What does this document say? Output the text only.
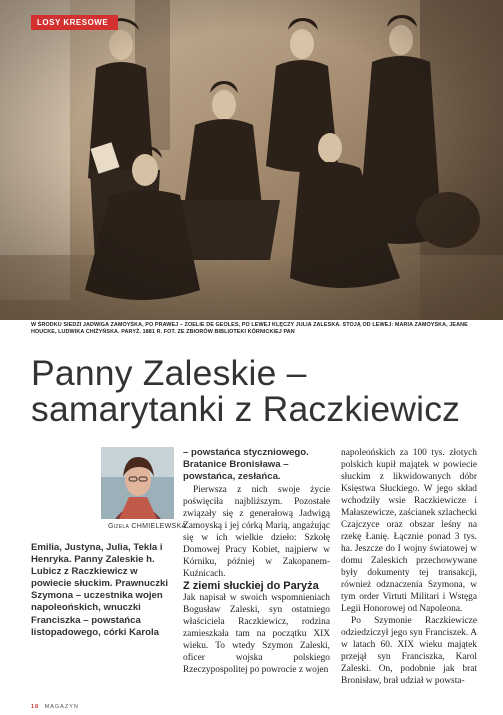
LOSY KRESOWE
W ŚRODKU SIEDZI JADWIGA ZAMOYSKA, PO PRAWEJ – ZOELIE DE GEOLES, PO LEWEJ KLĘCZY JULIA ZALESKA. STOJĄ OD LEWEJ: MARIA ZAMOYSKA, JEANE HOUCKE, LUDWIKA CHIŻYŃSKA. PARYŻ. 1881 R. FOT. ZE ZBIORÓW BIBLIOTEKI KÓRNICKIEJ PAN
Panny Zaleskie –
samarytanki z Raczkiewicz
Gizela CHMIELEWSKA

Emilia, Justyna, Julia, Tekla i Henryka. Panny Zaleskie h. Lubicz z Raczkiewicz w powiecie słuckim. Prawnuczki Szymona – uczestnika wojen napoleońskich, wnuczki Franciszka – powstańca listopadowego, córki Karola

– powstańca styczniowego. Bratanice Bronisława – powstańca, zesłańca.

Pierwsza z nich swoje życie poświęciła najbliższym. Pozostałe związały się z generałową Jadwigą Zamoyską i jej córką Marią, angażując się w ich wielkie dzieło: Szkołę Domowej Pracy Kobiet, najpierw w Kórniku, później w Zakopanem-Kuźnicach.

Z ziemi słuckiej do Paryża

Jak napisał w swoich wspomnieniach Bogusław Zaleski, syn ostatniego właściciela Raczkiewicz, rodzina zamieszkała tam na początku XIX wieku. To wtedy Szymon Zaleski, oficer wojska polskiego Rzeczypospolitej po powrocie z wojen

napoleońskich za 100 tys. złotych polskich kupił majątek w powiecie słuckim z likwidowanych dóbr Księstwa Słuckiego. W jego skład wchodziły wsie Raczkiewicze i Małaszewicze, zaścianek szlachecki Czajczyce oraz obszar leśny na rzekę Łanię. Łącznie ponad 3 tys. ha. Jeszcze do I wojny światowej w domu Zaleskich przechowywane były dokumenty tej transakcji, również odznaczenia Szymona, w tym order Virtuti Militari i Wstęga Legii Honorowej od Napoleona.

Po Szymonie Raczkiewicze odziedziczył jego syn Franciszek. A w latach 60. XIX wieku majątek przejął syn Franciszka, Karol Zaleski. On, podobnie jak brat Bronisław, brał udział w powsta-

18 MAGAZYN
